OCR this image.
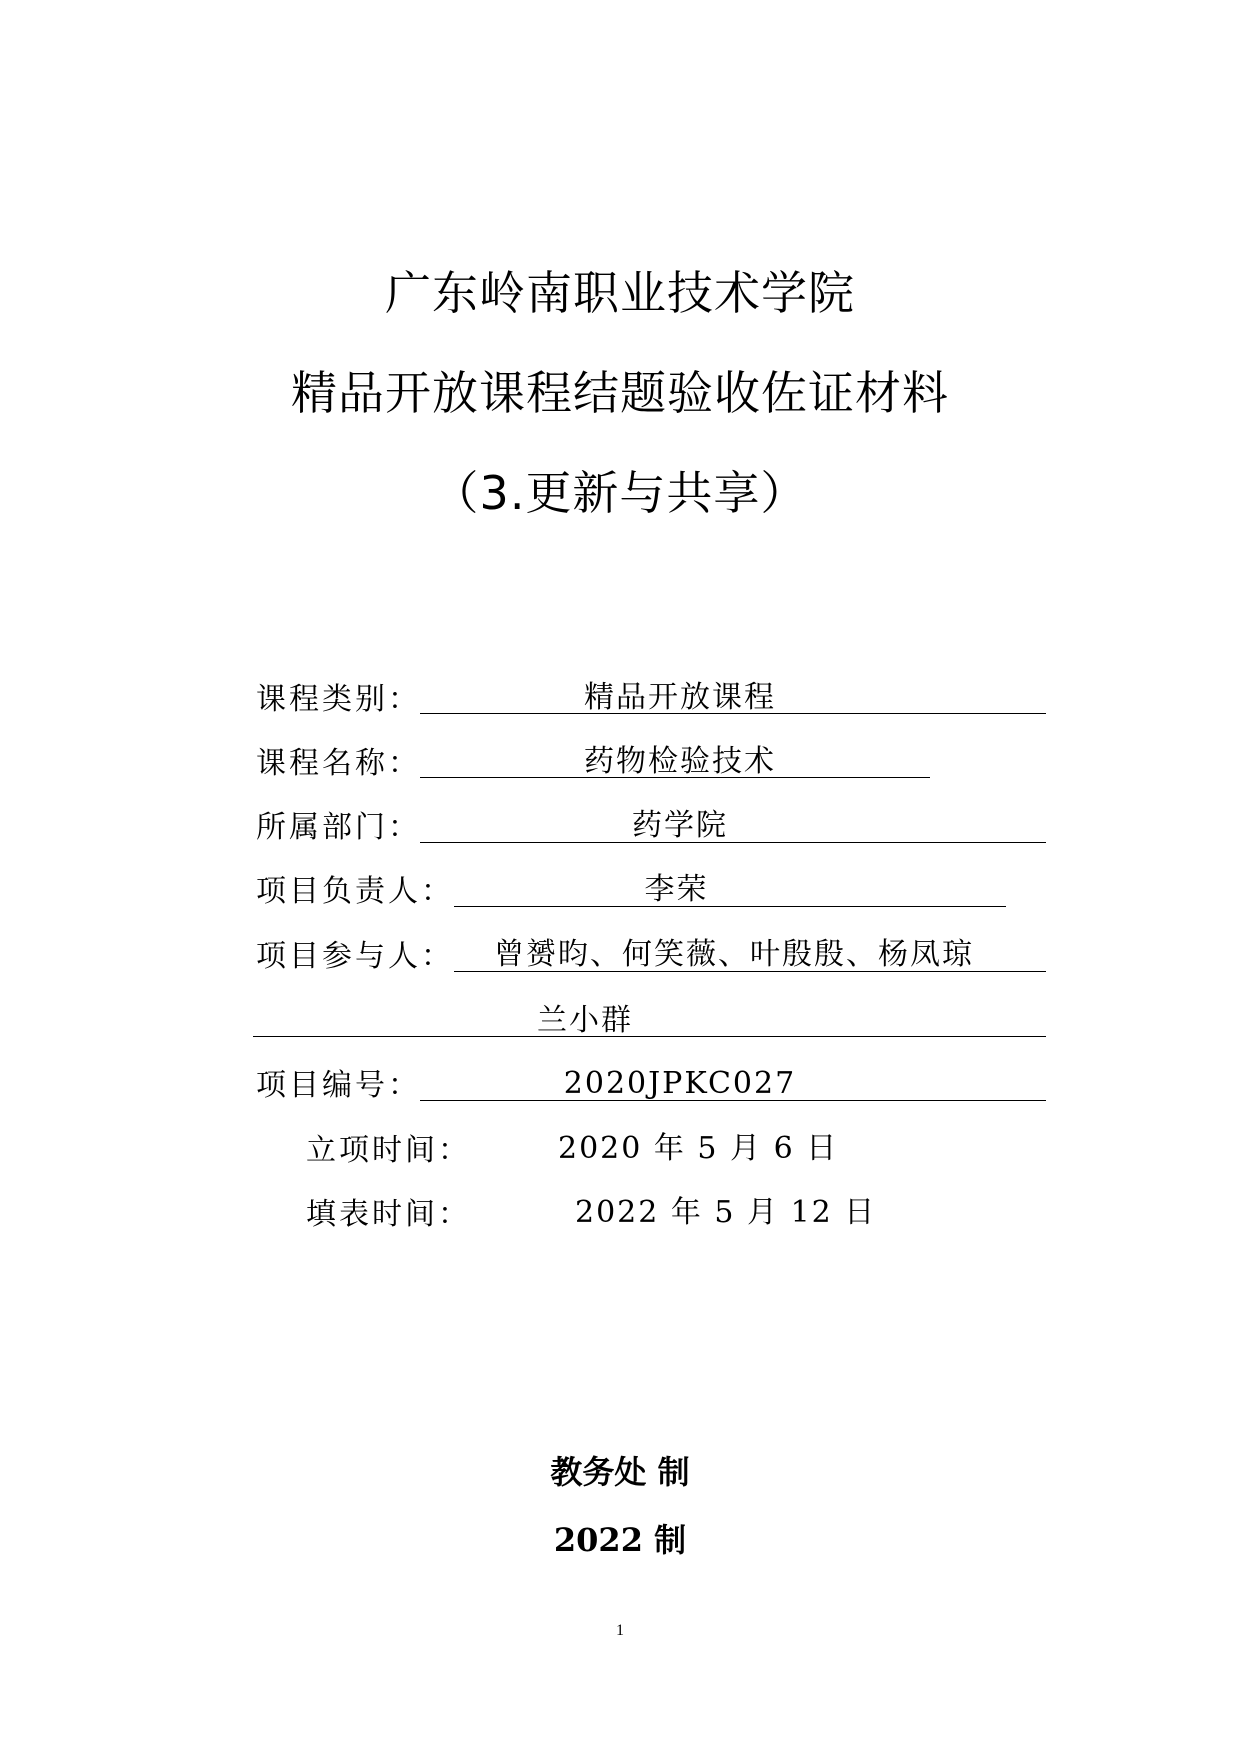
广东岭南职业技术学院
精品开放课程结题验收佐证材料
（3.更新与共享）
课程类别：	精品开放课程
课程名称：	药物检验技术
所属部门：	药学院
项目负责人：	李荣
项目参与人： 曾赟昀、何笑薇、叶殷殷、杨凤琼
兰小群
项目编号：	2020JPKC027
立项时间：	2020 年 5 月 6 日
填表时间：	2022 年 5 月 12 日
教务处 制
2022 制
1
